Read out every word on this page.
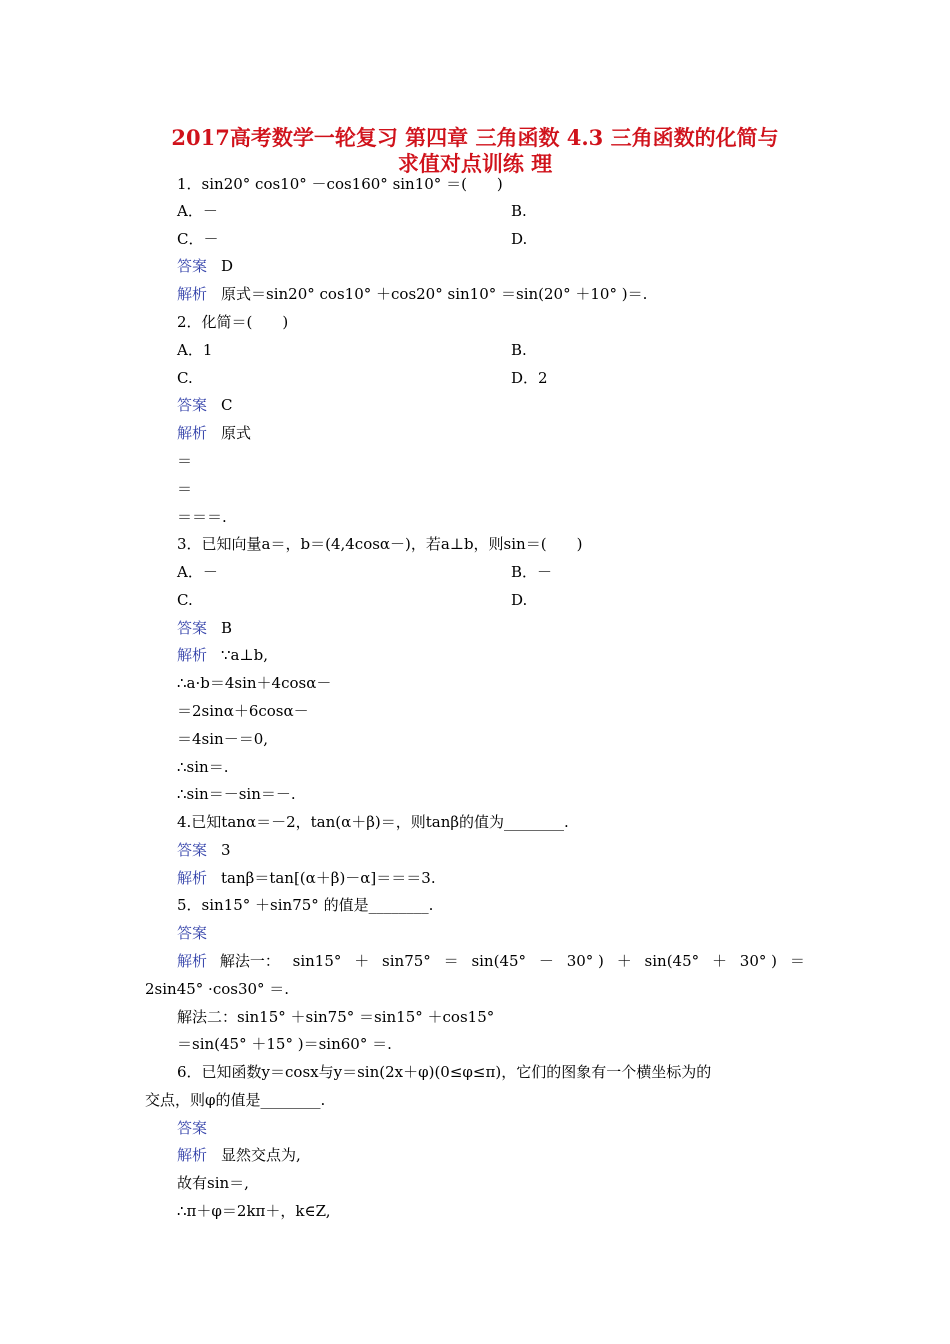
2017高考数学一轮复习 第四章 三角函数 4.3 三角函数的化简与
求值对点训练 理
1．sin20° cos10° －cos160° sin10° ＝(　　)
A．－	B.
C．－	D.
答案 D
解析 原式＝sin20° cos10° ＋cos20° sin10° ＝sin(20° ＋10° )＝.
2．化简＝(　　)
A．1	B.
C.	D．2
答案 C
解析 原式
＝
＝
＝＝＝.
3．已知向量a＝，b＝(4,4cosα－)，若a⊥b，则sin＝(　　)
A．－	B．－
C.	D.
答案 B
解析 ∵a⊥b,
∴a·b＝4sin＋4cosα－
＝2sinα＋6cosα－
＝4sin－＝0,
∴sin＝.
∴sin＝－sin＝－.
4.已知tanα＝－2，tan(α＋β)＝，则tanβ的值为________.
答案 3
解析 tanβ＝tan[(α＋β)－α]＝＝＝3.
5．sin15° ＋sin75° 的值是________.
答案
解析 解法一： sin15° ＋ sin75° ＝ sin(45° － 30° ) ＋ sin(45° ＋ 30° ) ＝
2sin45° ·cos30° ＝.
解法二：sin15° ＋sin75° ＝sin15° ＋cos15°
＝sin(45° ＋15° )＝sin60° ＝.
6．已知函数y＝cosx与y＝sin(2x＋φ)(0≤φ≤π)，它们的图象有一个横坐标为的
交点，则φ的值是________.
答案
解析 显然交点为,
故有sin＝,
∴π＋φ＝2kπ＋，k∈Z,
